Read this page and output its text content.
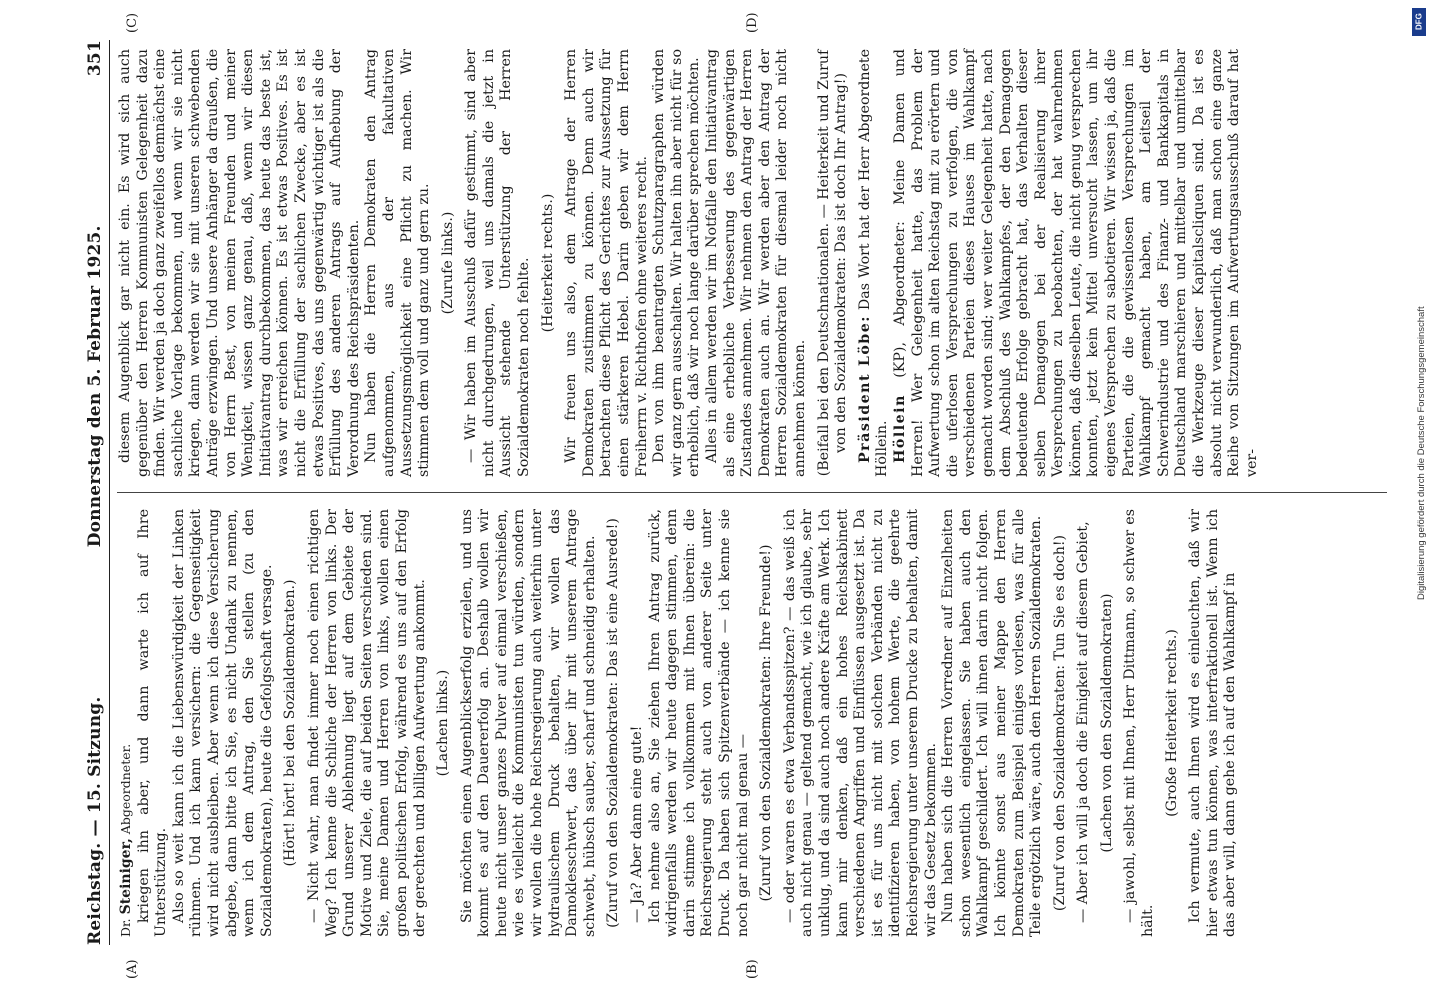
Reichstag. — 15. Sitzung.
Donnerstag den 5. Februar 1925.
351

Dr. Steiniger, Abgeordneter. kriegen ihn aber, und dann warte ich auf Ihre Unterstützung. Also so weit kann ich die Liebenswürdigkeit der Linken rühmen. Und ich kann versichern: die Gegenseitigkeit wird nicht ausbleiben. Aber wenn ich diese Versicherung abgebe, dann bitte ich Sie, es nicht Undank zu nennen, wenn ich dem Antrag, den Sie stellen (zu den Sozialdemokraten), heute die Gefolgschaft versage. (Hört! hört! bei den Sozialdemokraten.) — Nicht wahr, man findet immer noch einen richtigen Weg? Ich kenne die Schliche der Herren von links. Der Grund unserer Ablehnung liegt auf dem Gebiete der Motive und Ziele, die auf beiden Seiten verschieden sind. Sie, meine Damen und Herren von links, wollen einen großen politischen Erfolg, während es uns auf den Erfolg der gerechten und billigen Aufwertung ankommt. (Lachen links.) Sie möchten einen Augenblickserfolg erzielen, und uns kommt es auf den Dauererfolg an. Deshalb wollen wir heute nicht unser ganzes Pulver auf einmal verschießen, wie es vielleicht die Kommunisten tun würden, sondern wir wollen die hohe Reichsregierung auch weiterhin unter hydraulischem Druck behalten, wir wollen das Damoklesschwert, das über ihr mit unserem Antrage schwebt, hübsch sauber, scharf und schneidig erhalten. (Zuruf von den Sozialdemokraten: Das ist eine Ausrede!) — Ja? Aber dann eine gute! Ich nehme also an, Sie ziehen Ihren Antrag zurück, widrigenfalls werden wir heute dagegen stimmen, denn darin stimme ich vollkommen mit Ihnen überein: die Reichsregierung steht auch von anderer Seite unter Druck. Da haben sich Spitzenverbände — ich kenne sie noch gar nicht mal genau — (Zuruf von den Sozialdemokraten: Ihre Freunde!) — oder waren es etwa Verbandsspitzen? — das weiß ich auch nicht genau — geltend gemacht, wie ich glaube, sehr unklug, und da sind auch noch andere Kräfte am Werk. Ich kann mir denken, daß ein hohes Reichskabinett verschiedenen Angriffen und Einflüssen ausgesetzt ist. Da ist es für uns nicht mit solchen Verbänden nicht zu identifizieren haben, von hohem Werte, die geehrte Reichsregierung unter unserem Drucke zu behalten, damit wir das Gesetz bekommen. Nun haben sich die Herren Vorredner auf Einzelheiten schon wesentlich eingelassen. Sie haben auch den Wahlkampf geschildert. Ich will ihnen darin nicht folgen. Ich könnte sonst aus meiner Mappe den Herren Demokraten zum Beispiel einiges vorlesen, was für alle Teile ergötzlich wäre, auch den Herren Sozialdemokraten. (Zuruf von den Sozialdemokraten: Tun Sie es doch!) — Aber ich will ja doch die Einigkeit auf diesem Gebiet, (Lachen von den Sozialdemokraten) — jawohl, selbst mit Ihnen, Herr Dittmann, so schwer es hält.

(Große Heiterkeit rechts.) Ich vermute, auch Ihnen wird es einleuchten, daß wir hier etwas tun können, was interfraktionell ist. Wenn ich das aber will, dann gehe ich auf den Wahlkampf in

diesem Augenblick gar nicht ein. Es wird sich auch gegenüber den Herren Kommunisten Gelegenheit dazu finden. Wir werden ja doch ganz zweifellos demnächst eine sachliche Vorlage bekommen, und wenn wir sie nicht kriegen, dann werden wir sie mit unseren schwebenden Anträge erzwingen. Und unsere Anhänger da draußen, die von Herrn Best, von meinen Freunden und meiner Wenigkeit, wissen ganz genau, daß, wenn wir diesen Initiativantrag durchbekommen, das heute das beste ist, was wir erreichen können. Es ist etwas Positives. Es ist nicht die Erfüllung der sachlichen Zwecke, aber es ist etwas Positives, das uns gegenwärtig wichtiger ist als die Erfüllung des anderen Antrags auf Aufhebung der Verordnung des Reichspräsidenten. Nun haben die Herren Demokraten den Antrag aufgenommen, aus der fakultativen Aussetzungsmöglichkeit eine Pflicht zu machen. Wir stimmen dem voll und ganz und gern zu. (Zurufe links.) — Wir haben im Ausschuß dafür gestimmt, sind aber nicht durchgedrungen, weil uns damals die jetzt in Aussicht stehende Unterstützung der Herren Sozialdemokraten noch fehlte. (Heiterkeit rechts.) Wir freuen uns also, dem Antrage der Herren Demokraten zustimmen zu können. Denn auch wir betrachten diese Pflicht des Gerichtes zur Aussetzung für einen stärkeren Hebel. Darin geben wir dem Herrn Freiherrn v. Richthofen ohne weiteres recht. Den von ihm beantragten Schutzparagraphen würden wir ganz gern ausschalten. Wir halten ihn aber nicht für so erheblich, daß wir noch lange darüber sprechen möchten. Alles in allem werden wir im Notfalle den Initiativantrag als eine erhebliche Verbesserung des gegenwärtigen Zustandes annehmen. Wir nehmen den Antrag der Herren Demokraten auch an. Wir werden aber den Antrag der Herren Sozialdemokraten für diesmal leider noch nicht annehmen können. (Beifall bei den Deutschnationalen. — Heiterkeit und Zuruf von den Sozialdemokraten: Das ist doch Ihr Antrag!) Präsident Löbe: Das Wort hat der Herr Abgeordnete Höllein. Höllein (KP), Abgeordneter: Meine Damen und Herren! Wer Gelegenheit hatte, das Problem der Aufwertung schon im alten Reichstag mit zu erörtern und die uferlosen Versprechungen zu verfolgen, die von verschiedenen Parteien dieses Hauses im Wahlkampf gemacht worden sind; wer weiter Gelegenheit hatte, nach dem Abschluß des Wahlkampfes, der den Demagogen bedeutende Erfolge gebracht hat, das Verhalten dieser selben Demagogen bei der Realisierung ihrer Versprechungen zu beobachten, der hat wahrnehmen können, daß dieselben Leute, die nicht genug versprechen konnten, jetzt kein Mittel unversucht lassen, um ihr eigenes Versprechen zu sabotieren. Wir wissen ja, daß die Parteien, die die gewissenlosen Versprechungen im Wahlkampf gemacht haben, am Leitseil der Schwerindustrie und des Finanz- und Bankkapitals in Deutschland marschieren und mittelbar und unmittelbar die Werkzeuge dieser Kapitalscliquen sind. Da ist es absolut nicht verwunderlich, daß man schon eine ganze Reihe von Sitzungen im Aufwertungsausschuß darauf hat ver-

(A)	(B)
(C)	(D)	DFG
Digitalisierung gefördert durch die Deutsche Forschungsgemeinschaft
